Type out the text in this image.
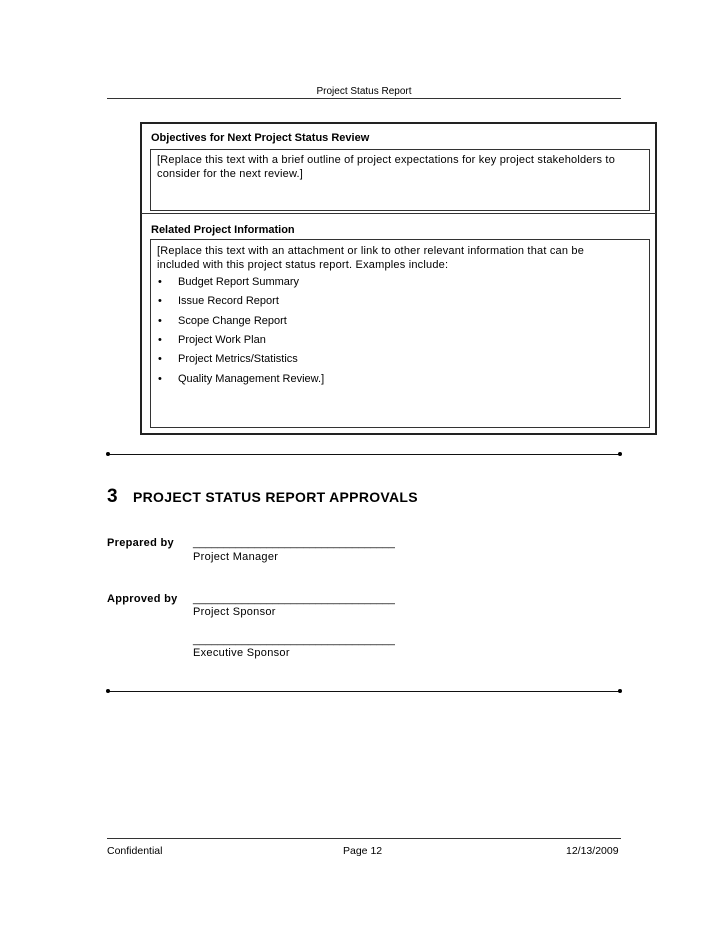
Project Status Report
Objectives for Next Project Status Review
[Replace this text with a brief outline of project expectations for key project stakeholders to
consider for the next review.]
Related Project Information
[Replace this text with an attachment or link to other relevant information that can be
included with this project status report. Examples include:
• Budget Report Summary
• Issue Record Report
• Scope Change Report
• Project Work Plan
• Project Metrics/Statistics
• Quality Management Review.]
3 PROJECT STATUS REPORT APPROVALS
Prepared by _________________________________
Project Manager
Approved by _________________________________
Project Sponsor
_________________________________
Executive Sponsor
Confidential	Page 12	12/13/2009
